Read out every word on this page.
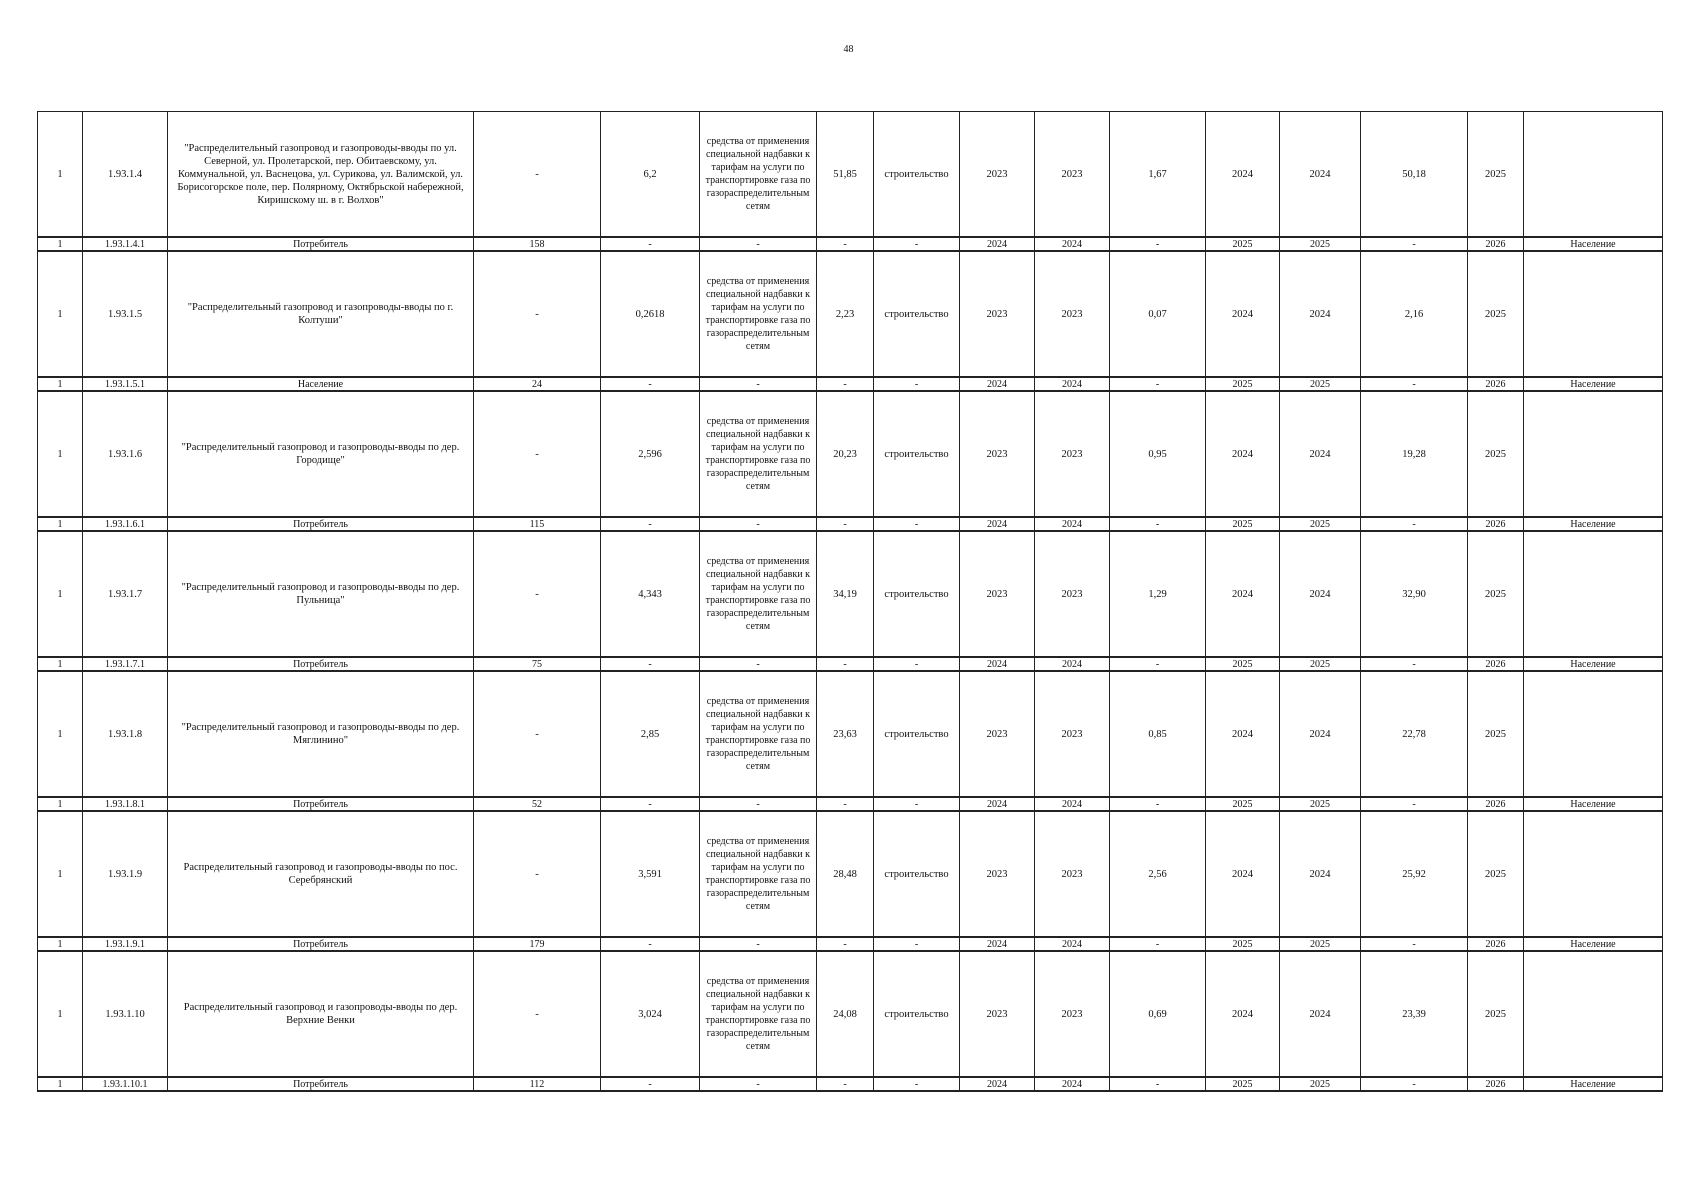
48
1	1.93.1.4	"Распределительный газопровод и газопроводы-вводы по ул. Северной, ул. Пролетарской, пер. Обитаевскому, ул. Коммунальной, ул. Васнецова, ул. Сурикова, ул. Валимской, ул. Борисогорское поле, пер. Полярному, Октябрьской набережной, Киришскому ш. в г. Волхов"	-	6,2	средства от применения специальной надбавки к тарифам на услуги по транспортировке газа по газораспределительным сетям	51,85	строительство	2023	2023	1,67	2024	2024	50,18	2025	
1	1.93.1.4.1	Потребитель	158	-	-	-	-	2024	2024	-	2025	2025	-	2026	Население
1	1.93.1.5	"Распределительный газопровод и газопроводы-вводы по г. Колтуши"	-	0,2618	средства от применения специальной надбавки к тарифам на услуги по транспортировке газа по газораспределительным сетям	2,23	строительство	2023	2023	0,07	2024	2024	2,16	2025	
1	1.93.1.5.1	Население	24	-	-	-	-	2024	2024	-	2025	2025	-	2026	Население
1	1.93.1.6	"Распределительный газопровод и газопроводы-вводы по дер. Городище"	-	2,596	средства от применения специальной надбавки к тарифам на услуги по транспортировке газа по газораспределительным сетям	20,23	строительство	2023	2023	0,95	2024	2024	19,28	2025	
1	1.93.1.6.1	Потребитель	115	-	-	-	-	2024	2024	-	2025	2025	-	2026	Население
1	1.93.1.7	"Распределительный газопровод и газопроводы-вводы по дер. Пульница"	-	4,343	средства от применения специальной надбавки к тарифам на услуги по транспортировке газа по газораспределительным сетям	34,19	строительство	2023	2023	1,29	2024	2024	32,90	2025	
1	1.93.1.7.1	Потребитель	75	-	-	-	-	2024	2024	-	2025	2025	-	2026	Население
1	1.93.1.8	"Распределительный газопровод и газопроводы-вводы по дер. Мяглинино"	-	2,85	средства от применения специальной надбавки к тарифам на услуги по транспортировке газа по газораспределительным сетям	23,63	строительство	2023	2023	0,85	2024	2024	22,78	2025	
1	1.93.1.8.1	Потребитель	52	-	-	-	-	2024	2024	-	2025	2025	-	2026	Население
1	1.93.1.9	Распределительный газопровод и газопроводы-вводы по пос. Серебрянский	-	3,591	средства от применения специальной надбавки к тарифам на услуги по транспортировке газа по газораспределительным сетям	28,48	строительство	2023	2023	2,56	2024	2024	25,92	2025	
1	1.93.1.9.1	Потребитель	179	-	-	-	-	2024	2024	-	2025	2025	-	2026	Население
1	1.93.1.10	Распределительный газопровод и газопроводы-вводы по дер. Верхние Венки	-	3,024	средства от применения специальной надбавки к тарифам на услуги по транспортировке газа по газораспределительным сетям	24,08	строительство	2023	2023	0,69	2024	2024	23,39	2025	
1	1.93.1.10.1	Потребитель	112	-	-	-	-	2024	2024	-	2025	2025	-	2026	Население
